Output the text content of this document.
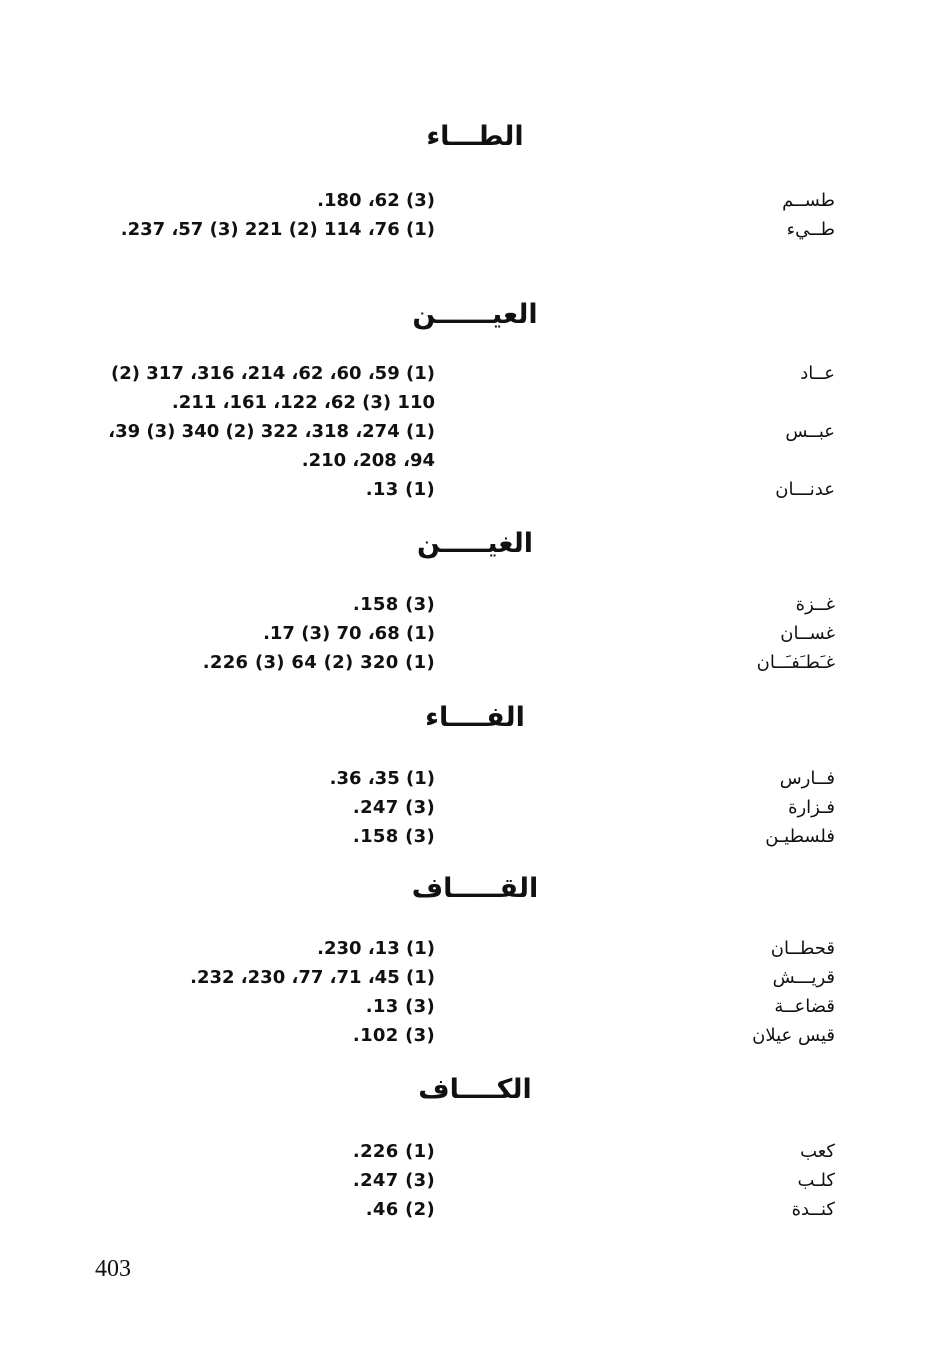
الطـــاء
طســم
(3) 62، 180.
طــيء
(1) 76، 114 (2) 221 (3) 57، 237.
العيــــــن
عــاد
(1) 59، 60، 62، 214، 316، 317 (2)
110 (3) 62، 122، 161، 211.
عبــس
(1) 274، 318، 322 (2) 340 (3) 39،
94، 208، 210.
عدنـــان
(1) 13.
الغيـــــن
غــزة
(3) 158.
غســان
(1) 68، 70 (3) 17.
غـَطـَفـَــان
(1) 320 (2) 64 (3) 226.
الفــــاء
فــارس
(1) 35، 36.
فـزارة
(3) 247.
فلسطيـن
(3) 158.
القـــــاف
قحطــان
(1) 13، 230.
قريـــش
(1) 45، 71، 77، 230، 232.
قضاعــة
(3) 13.
قيس عيلان
(3) 102.
الكــــاف
كعب
(1) 226.
كلـب
(3) 247.
كنــدة
(2) 46.
403
